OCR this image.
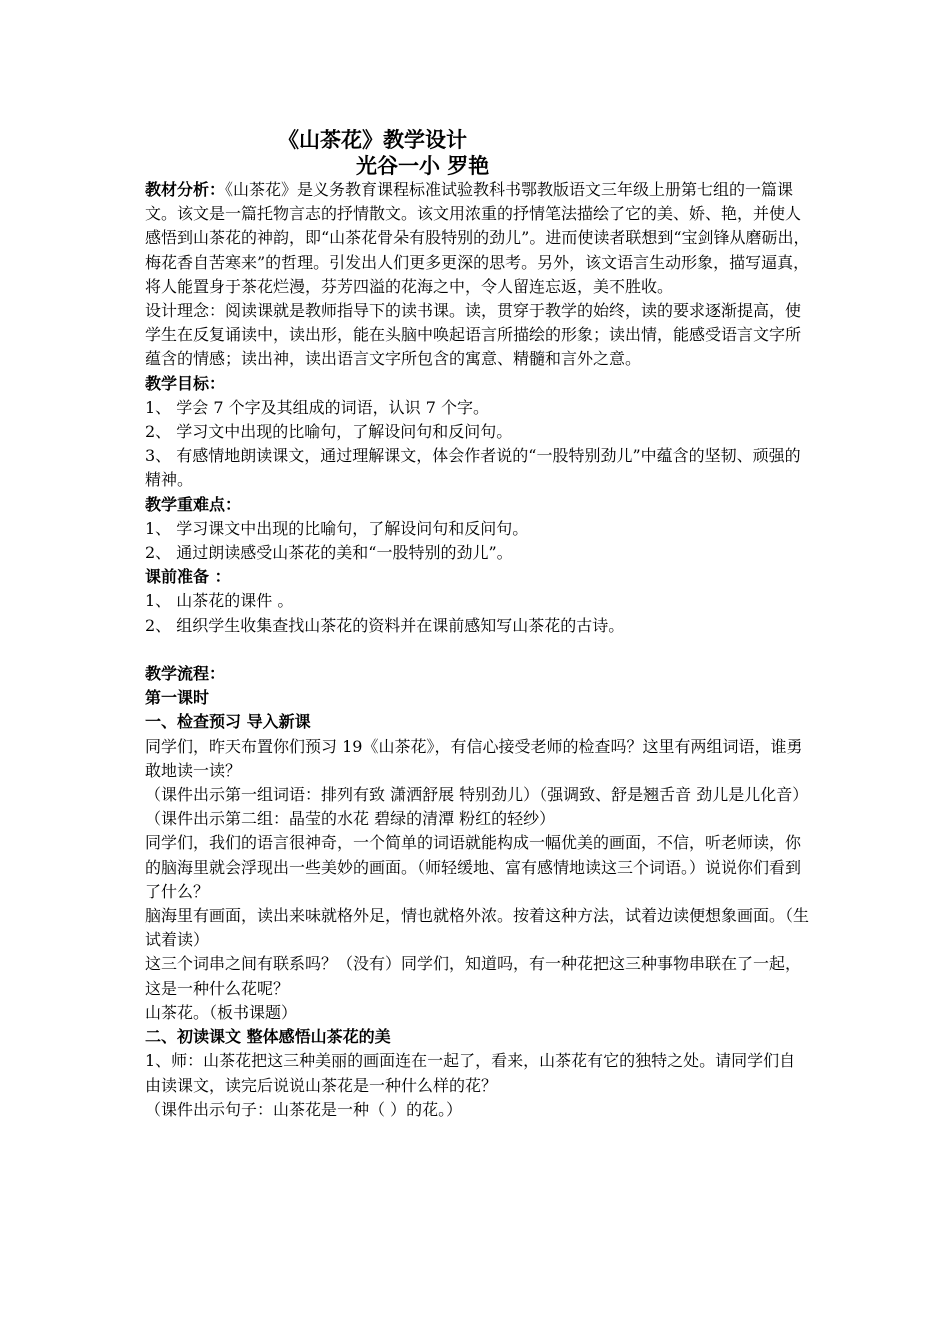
《山茶花》教学设计
光谷一小 罗艳

教材分析：《山茶花》是义务教育课程标准试验教科书鄂教版语文三年级上册第七组的一篇课文。该文是一篇托物言志的抒情散文。该文用浓重的抒情笔法描绘了它的美、娇、艳，并使人感悟到山茶花的神韵，即“山茶花骨朵有股特别的劲儿”。进而使读者联想到“宝剑锋从磨砺出，梅花香自苦寒来”的哲理。引发出人们更多更深的思考。另外，该文语言生动形象，描写逼真，将人能置身于茶花烂漫，芬芳四溢的花海之中，令人留连忘返，美不胜收。

设计理念：阅读课就是教师指导下的读书课。读，贯穿于教学的始终，读的要求逐渐提高，使学生在反复诵读中，读出形，能在头脑中唤起语言所描绘的形象；读出情，能感受语言文字所蕴含的情感；读出神，读出语言文字所包含的寓意、精髓和言外之意。

教学目标：

1、 学会 7 个字及其组成的词语，认识 7 个字。

2、 学习文中出现的比喻句，了解设问句和反问句。

3、 有感情地朗读课文，通过理解课文，体会作者说的“一股特别劲儿”中蕴含的坚韧、顽强的精神。

教学重难点：

1、 学习课文中出现的比喻句，了解设问句和反问句。

2、 通过朗读感受山茶花的美和“一股特别的劲儿”。

课前准备 ：

1、 山茶花的课件 。

2、 组织学生收集查找山茶花的资料并在课前感知写山茶花的古诗。

教学流程：

第一课时

一、检查预习 导入新课

同学们，昨天布置你们预习 19《山茶花》，有信心接受老师的检查吗？这里有两组词语，谁勇敢地读一读？

（课件出示第一组词语：排列有致 潇洒舒展 特别劲儿）（强调致、舒是翘舌音 劲儿是儿化音）

（课件出示第二组：晶莹的水花 碧绿的清潭 粉红的轻纱）

同学们，我们的语言很神奇，一个简单的词语就能构成一幅优美的画面，不信，听老师读，你的脑海里就会浮现出一些美妙的画面。（师轻缓地、富有感情地读这三个词语。）说说你们看到了什么？

脑海里有画面，读出来味就格外足，情也就格外浓。按着这种方法，试着边读便想象画面。（生试着读）

这三个词串之间有联系吗？（没有）同学们，知道吗，有一种花把这三种事物串联在了一起，这是一种什么花呢？

山茶花。（板书课题）

二、初读课文 整体感悟山茶花的美

1、师：山茶花把这三种美丽的画面连在一起了，看来，山茶花有它的独特之处。请同学们自由读课文，读完后说说山茶花是一种什么样的花？

（课件出示句子：山茶花是一种（ ）的花。）
